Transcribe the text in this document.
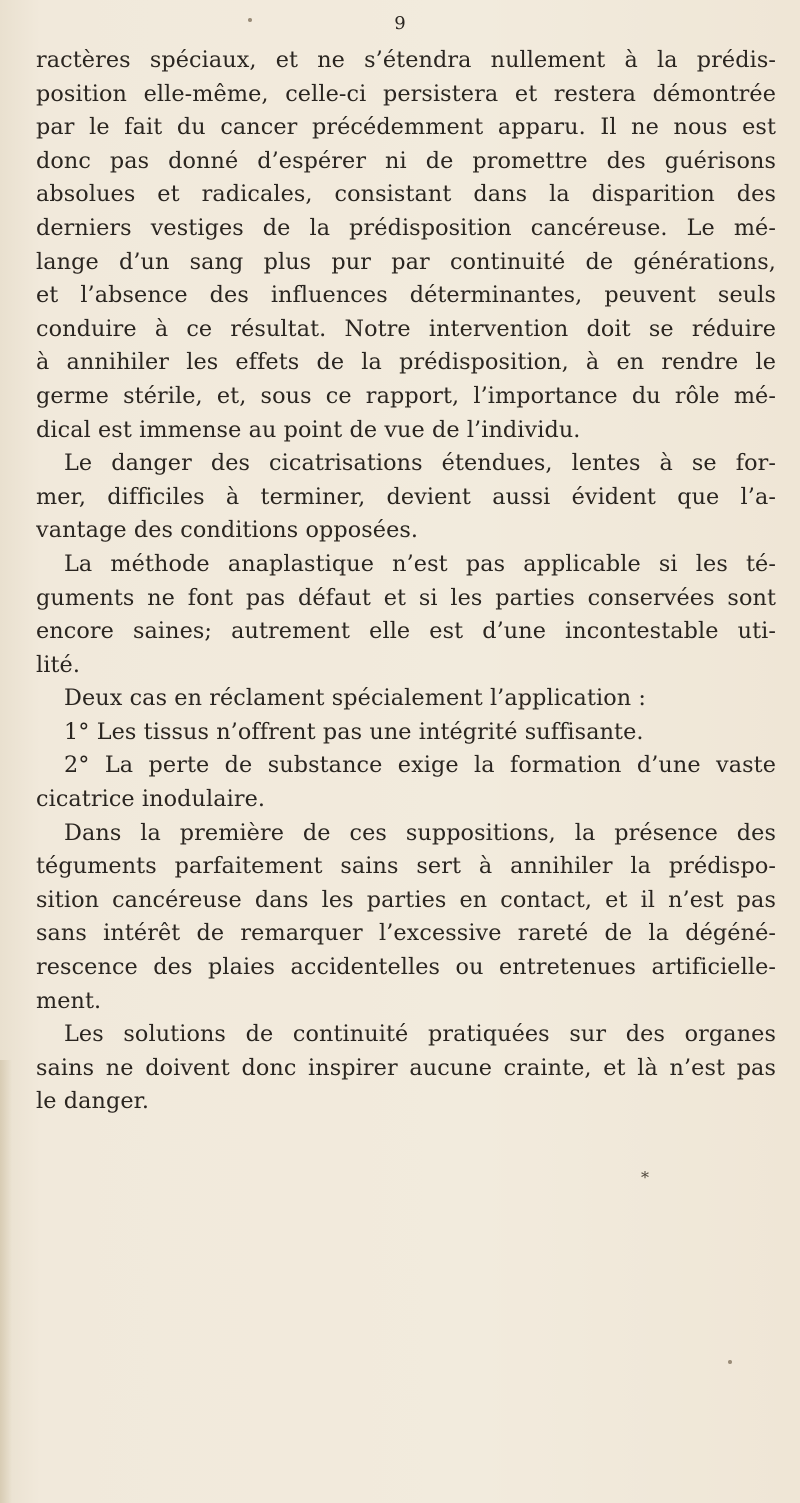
9
ractères spéciaux, et ne s’étendra nullement à la prédis-
position elle-même, celle-ci persistera et restera démontrée
par le fait du cancer précédemment apparu. Il ne nous est
donc pas donné d’espérer ni de promettre des guérisons
absolues et radicales, consistant dans la disparition des
derniers vestiges de la prédisposition cancéreuse. Le mé-
lange d’un sang plus pur par continuité de générations,
et l’absence des influences déterminantes, peuvent seuls
conduire à ce résultat. Notre intervention doit se réduire
à annihiler les effets de la prédisposition, à en rendre le
germe stérile, et, sous ce rapport, l’importance du rôle mé-
dical est immense au point de vue de l’individu.
Le danger des cicatrisations étendues, lentes à se for-
mer, difficiles à terminer, devient aussi évident que l’a-
vantage des conditions opposées.
La méthode anaplastique n’est pas applicable si les té-
guments ne font pas défaut et si les parties conservées sont
encore saines; autrement elle est d’une incontestable uti-
lité.
Deux cas en réclament spécialement l’application :
1° Les tissus n’offrent pas une intégrité suffisante.
2° La perte de substance exige la formation d’une vaste
cicatrice inodulaire.
Dans la première de ces suppositions, la présence des
téguments parfaitement sains sert à annihiler la prédispo-
sition cancéreuse dans les parties en contact, et il n’est pas
sans intérêt de remarquer l’excessive rareté de la dégéné-
rescence des plaies accidentelles ou entretenues artificielle-
ment.
Les solutions de continuité pratiquées sur des organes
sains ne doivent donc inspirer aucune crainte, et là n’est pas
le danger.
*
